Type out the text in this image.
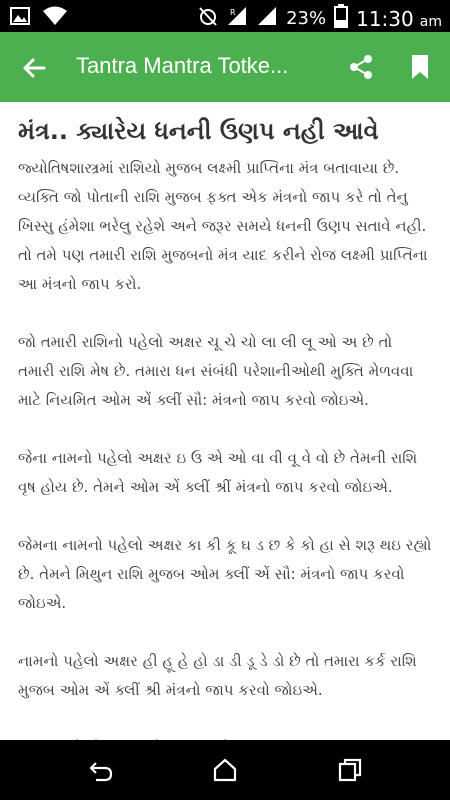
R	23% 11:30 am
Tantra Mantra Totke...
મંત્ર.. ક્યારેય ધનની ઉણપ નહી આવે

જ્યોતિષશાસ્ત્રમાં રાશિયો મુજબ લક્ષ્મી પ્રાપ્તિના મંત્ર બતાવાયા છે. વ્યક્તિ જો પોતાની રાશિ મુજબ ફક્ત એક મંત્રનો જાપ કરે તો તેનુ ખિસ્સુ હંમેશા ભરેલુ રહેશે અને જરૂર સમયે ધનની ઉણપ સતાવે નહી. તો તમે પણ તમારી રાશિ મુજબનો મંત્ર યાદ કરીને રોજ લક્ષ્મી પ્રાપ્તિના આ મંત્રનો જાપ કરો.

જો તમારી રાશિનો પહેલો અક્ષર ચૂ ચે ચો લા લી લૂ ઓ અ છે તો તમારી રાશિ મેષ છે. તમારા ધન સંબંધી પરેશાનીઓથી મુક્તિ મેળવવા માટે નિયમિત ઓમ એં ક્લીં સૌ: મંત્રનો જાપ કરવો જોઇએ.

જેના નામનો પહેલો અક્ષર ઇ ઉ એ ઓ વા વી વૂ વે વો છે તેમની રાશિ વૃષ હોય છે. તેમને ઓમ એં ક્લીં શ્રીં મંત્રનો જાપ કરવો જોઇએ.

જેમના નામનો પહેલો અક્ષર કા કી કૂ ઘ ડ છ કે કો હા સે શરૂ થઇ રહ્યો છે. તેમને મિથુન રાશિ મુજબ ઓમ ક્લીં એં સૌ: મંત્રનો જાપ કરવો જોઇએ.

નામનો પહેલો અક્ષર હી હૂ હે હો ડા ડી ડૂ ડે ડો છે તો તમારા કર્ક રાશિ મુજબ ઓમ એં ક્લીં શ્રી મંત્રનો જાપ કરવો જોઇએ.
